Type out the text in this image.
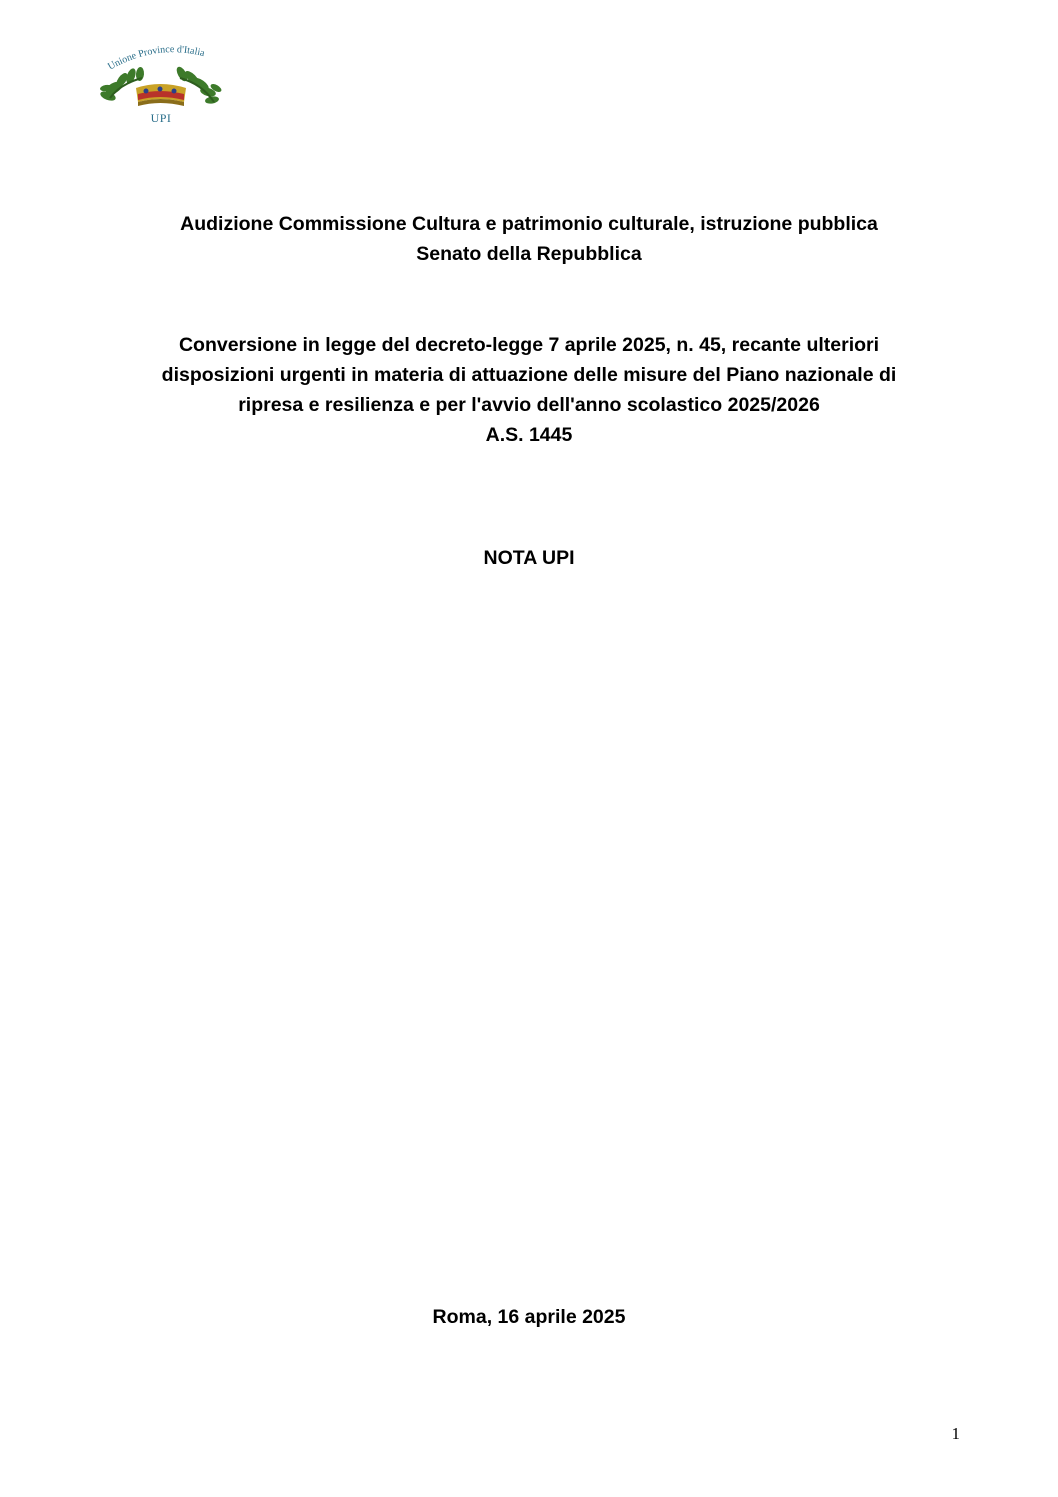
Unione Province d'Italia
UPI
Audizione Commissione Cultura e patrimonio culturale, istruzione pubblica
Senato della Repubblica
Conversione in legge del decreto-legge 7 aprile 2025, n. 45, recante ulteriori
disposizioni urgenti in materia di attuazione delle misure del Piano nazionale di
ripresa e resilienza e per l'avvio dell'anno scolastico 2025/2026
A.S. 1445
NOTA UPI
Roma, 16 aprile 2025
1
